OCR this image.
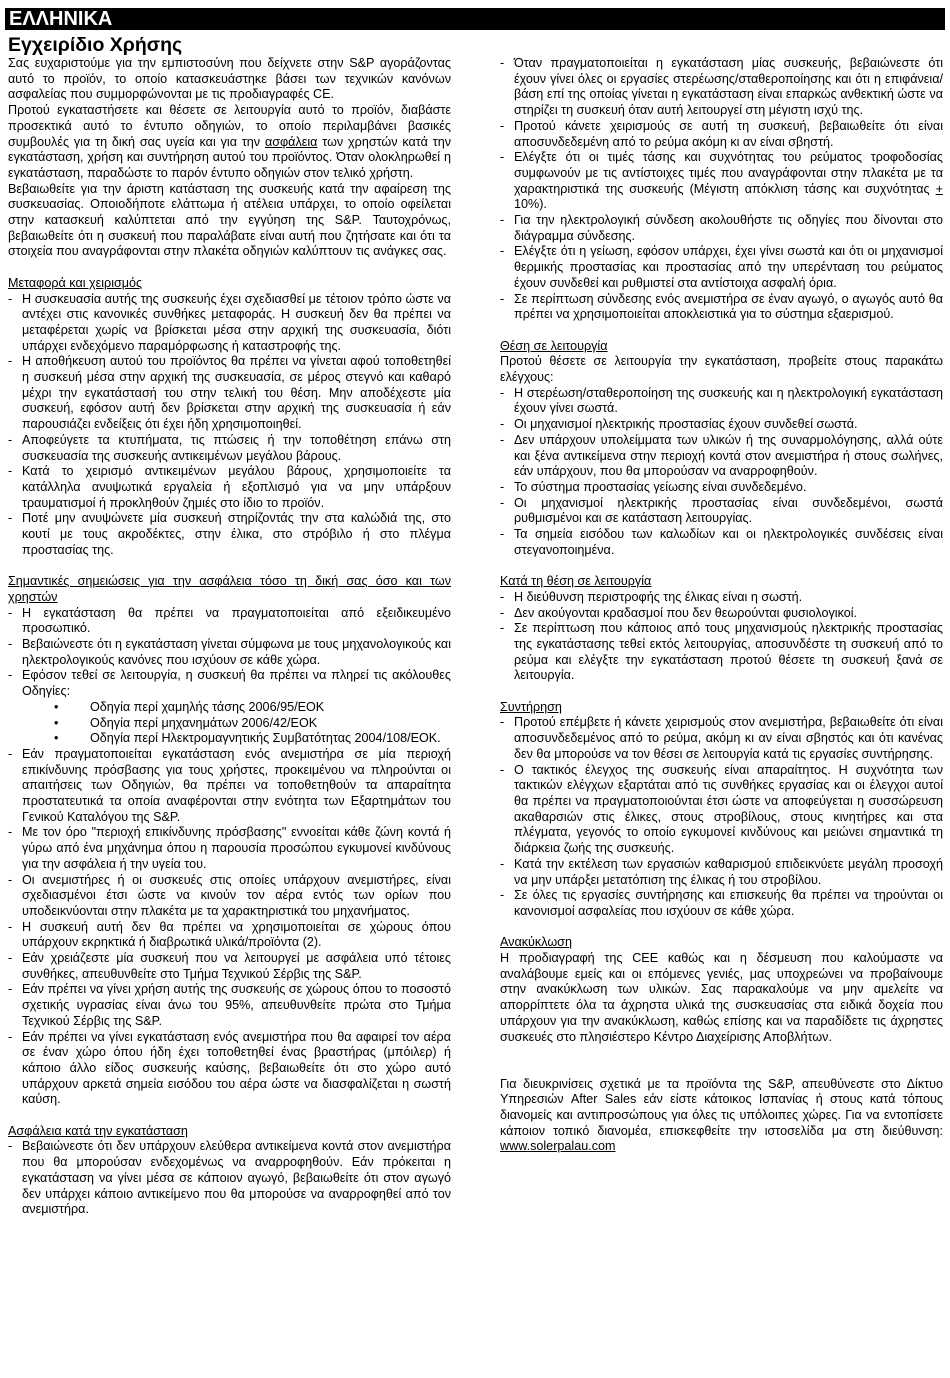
ΕΛΛΗΝΙΚΑ
Εγχειρίδιο Χρήσης

Σας ευχαριστούμε για την εμπιστοσύνη που δείχνετε στην S&P αγοράζοντας αυτό το προϊόν, το οποίο κατασκευάστηκε βάσει των τεχνικών κανόνων ασφαλείας που συμμορφώνονται με τις προδιαγραφές CE.

Προτού εγκαταστήσετε και θέσετε σε λειτουργία αυτό το προϊόν, διαβάστε προσεκτικά αυτό το έντυπο οδηγιών, το οποίο περιλαμβάνει βασικές συμβουλές για τη δική σας υγεία και για την ασφάλεια των χρηστών κατά την εγκατάσταση, χρήση και συντήρηση αυτού του προϊόντος. Όταν ολοκληρωθεί η εγκατάσταση, παραδώστε το παρόν έντυπο οδηγιών στον τελικό χρήστη.

Βεβαιωθείτε για την άριστη κατάσταση της συσκευής κατά την αφαίρεση της συσκευασίας. Οποιοδήποτε ελάττωμα ή ατέλεια υπάρχει, το οποίο οφείλεται στην κατασκευή καλύπτεται από την εγγύηση της S&P. Ταυτοχρόνως, βεβαιωθείτε ότι η συσκευή που παραλάβατε είναι αυτή που ζητήσατε και ότι τα στοιχεία που αναγράφονται στην πλακέτα οδηγιών καλύπτουν τις ανάγκες σας.

Μεταφορά και χειρισμός

- Η συσκευασία αυτής της συσκευής έχει σχεδιασθεί με τέτοιον τρόπο ώστε να αντέχει στις κανονικές συνθήκες μεταφοράς. Η συσκευή δεν θα πρέπει να μεταφέρεται χωρίς να βρίσκεται μέσα στην αρχική της συσκευασία, διότι υπάρχει ενδεχόμενο παραμόρφωσης ή καταστροφής της.
- Η αποθήκευση αυτού του προϊόντος θα πρέπει να γίνεται αφού τοποθετηθεί η συσκευή μέσα στην αρχική της συσκευασία, σε μέρος στεγνό και καθαρό μέχρι την εγκατάστασή του στην τελική του θέση. Μην αποδέχεστε μία συσκευή, εφόσον αυτή δεν βρίσκεται στην αρχική της συσκευασία ή εάν παρουσιάζει ενδείξεις ότι έχει ήδη χρησιμοποιηθεί.
- Αποφεύγετε τα κτυπήματα, τις πτώσεις ή την τοποθέτηση επάνω στη συσκευασία της συσκευής αντικειμένων μεγάλου βάρους.
- Κατά το χειρισμό αντικειμένων μεγάλου βάρους, χρησιμοποιείτε τα κατάλληλα ανυψωτικά εργαλεία ή εξοπλισμό για να μην υπάρξουν τραυματισμοί ή προκληθούν ζημιές στο ίδιο το προϊόν.
- Ποτέ μην ανυψώνετε μία συσκευή στηρίζοντάς την στα καλώδιά της, στο κουτί με τους ακροδέκτες, στην έλικα, στο στρόβιλο ή στο πλέγμα προστασίας της.

Σημαντικές σημειώσεις για την ασφάλεια τόσο τη δική σας όσο και των χρηστών

- Η εγκατάσταση θα πρέπει να πραγματοποιείται από εξειδικευμένο προσωπικό.
- Βεβαιώνεστε ότι η εγκατάσταση γίνεται σύμφωνα με τους μηχανολογικούς και ηλεκτρολογικούς κανόνες που ισχύουν σε κάθε χώρα.
- Εφόσον τεθεί σε λειτουργία, η συσκευή θα πρέπει να πληρεί τις ακόλουθες Οδηγίες:
•	Οδηγία περί χαμηλής τάσης 2006/95/ΕΟΚ
•	Οδηγία περί μηχανημάτων 2006/42/ΕΟΚ
•	Οδηγία περί Ηλεκτρομαγνητικής Συμβατότητας 2004/108/ΕΟΚ.
- Εάν πραγματοποιείται εγκατάσταση ενός ανεμιστήρα σε μία περιοχή επικίνδυνης πρόσβασης για τους χρήστες, προκειμένου να πληρούνται οι απαιτήσεις των Οδηγιών, θα πρέπει να τοποθετηθούν τα απαραίτητα προστατευτικά τα οποία αναφέρονται στην ενότητα των Εξαρτημάτων του Γενικού Καταλόγου της S&P.
- Με τον όρο "περιοχή επικίνδυνης πρόσβασης" εννοείται κάθε ζώνη κοντά ή γύρω από ένα μηχάνημα όπου η παρουσία προσώπου εγκυμονεί κινδύνους για την ασφάλεια ή την υγεία του.
- Οι ανεμιστήρες ή οι συσκευές στις οποίες υπάρχουν ανεμιστήρες, είναι σχεδιασμένοι έτσι ώστε να κινούν τον αέρα εντός των ορίων που υποδεικνύονται στην πλακέτα με τα χαρακτηριστικά του μηχανήματος.
- Η συσκευή αυτή δεν θα πρέπει να χρησιμοποιείται σε χώρους όπου υπάρχουν εκρηκτικά ή διαβρωτικά υλικά/προϊόντα (2).
- Εάν χρειάζεστε μία συσκευή που να λειτουργεί με ασφάλεια υπό τέτοιες συνθήκες, απευθυνθείτε στο Τμήμα Τεχνικού Σέρβις της S&P.
- Εάν πρέπει να γίνει χρήση αυτής της συσκευής σε χώρους όπου το ποσοστό σχετικής υγρασίας είναι άνω του 95%, απευθυνθείτε πρώτα στο Τμήμα Τεχνικού Σέρβις της S&P.
- Εάν πρέπει να γίνει εγκατάσταση ενός ανεμιστήρα που θα αφαιρεί τον αέρα σε έναν χώρο όπου ήδη έχει τοποθετηθεί ένας βραστήρας (μπόιλερ) ή κάποιο άλλο είδος συσκευής καύσης, βεβαιωθείτε ότι στο χώρο αυτό υπάρχουν αρκετά σημεία εισόδου του αέρα ώστε να διασφαλίζεται η σωστή καύση.

Ασφάλεια κατά την εγκατάσταση

- Βεβαιώνεστε ότι δεν υπάρχουν ελεύθερα αντικείμενα κοντά στον ανεμιστήρα που θα μπορούσαν ενδεχομένως να αναρροφηθούν. Εάν πρόκειται η εγκατάσταση να γίνει μέσα σε κάποιον αγωγό, βεβαιωθείτε ότι στον αγωγό δεν υπάρχει κάποιο αντικείμενο που θα μπορούσε να αναρροφηθεί από τον ανεμιστήρα.
- Όταν πραγματοποιείται η εγκατάσταση μίας συσκευής, βεβαιώνεστε ότι έχουν γίνει όλες οι εργασίες στερέωσης/σταθεροποίησης και ότι η επιφάνεια/βάση επί της οποίας γίνεται η εγκατάσταση είναι επαρκώς ανθεκτική ώστε να στηρίζει τη συσκευή όταν αυτή λειτουργεί στη μέγιστη ισχύ της.
- Προτού κάνετε χειρισμούς σε αυτή τη συσκευή, βεβαιωθείτε ότι είναι αποσυνδεδεμένη από το ρεύμα ακόμη κι αν είναι σβηστή.
- Ελέγξτε ότι οι τιμές τάσης και συχνότητας του ρεύματος τροφοδοσίας συμφωνούν με τις αντίστοιχες τιμές που αναγράφονται στην πλακέτα με τα χαρακτηριστικά της συσκευής (Μέγιστη απόκλιση τάσης και συχνότητας + 10%).
- Για την ηλεκτρολογική σύνδεση ακολουθήστε τις οδηγίες που δίνονται στο διάγραμμα σύνδεσης.
- Ελέγξτε ότι η γείωση, εφόσον υπάρχει, έχει γίνει σωστά και ότι οι μηχανισμοί θερμικής προστασίας και προστασίας από την υπερένταση του ρεύματος έχουν συνδεθεί και ρυθμιστεί στα αντίστοιχα ασφαλή όρια.
- Σε περίπτωση σύνδεσης ενός ανεμιστήρα σε έναν αγωγό, ο αγωγός αυτό θα πρέπει να χρησιμοποιείται αποκλειστικά για το σύστημα εξαερισμού.

Θέση σε λειτουργία

Προτού θέσετε σε λειτουργία την εγκατάσταση, προβείτε στους παρακάτω ελέγχους:

- Η στερέωση/σταθεροποίηση της συσκευής και η ηλεκτρολογική εγκατάσταση έχουν γίνει σωστά.
- Οι μηχανισμοί ηλεκτρικής προστασίας έχουν συνδεθεί σωστά.
- Δεν υπάρχουν υπολείμματα των υλικών ή της συναρμολόγησης, αλλά ούτε και ξένα αντικείμενα στην περιοχή κοντά στον ανεμιστήρα ή στους σωλήνες, εάν υπάρχουν, που θα μπορούσαν να αναρροφηθούν.
- Το σύστημα προστασίας γείωσης είναι συνδεδεμένο.
- Οι μηχανισμοί ηλεκτρικής προστασίας είναι συνδεδεμένοι, σωστά ρυθμισμένοι και σε κατάσταση λειτουργίας.
- Τα σημεία εισόδου των καλωδίων και οι ηλεκτρολογικές συνδέσεις είναι στεγανοποιημένα.

Κατά τη θέση σε λειτουργία

- Η διεύθυνση περιστροφής της έλικας είναι η σωστή.
- Δεν ακούγονται κραδασμοί που δεν θεωρούνται φυσιολογικοί.
- Σε περίπτωση που κάποιος από τους μηχανισμούς ηλεκτρικής προστασίας της εγκατάστασης τεθεί εκτός λειτουργίας, αποσυνδέστε τη συσκευή από το ρεύμα και ελέγξτε την εγκατάσταση προτού θέσετε τη συσκευή ξανά σε λειτουργία.

Συντήρηση

- Προτού επέμβετε ή κάνετε χειρισμούς στον ανεμιστήρα, βεβαιωθείτε ότι είναι αποσυνδεδεμένος από το ρεύμα, ακόμη κι αν είναι σβηστός και ότι κανένας δεν θα μπορούσε να τον θέσει σε λειτουργία κατά τις εργασίες συντήρησης.
- Ο τακτικός έλεγχος της συσκευής είναι απαραίτητος. Η συχνότητα των τακτικών ελέγχων εξαρτάται από τις συνθήκες εργασίας και οι έλεγχοι αυτοί θα πρέπει να πραγματοποιούνται έτσι ώστε να αποφεύγεται η συσσώρευση ακαθαρσιών στις έλικες, στους στροβίλους, στους κινητήρες και στα πλέγματα, γεγονός το οποίο εγκυμονεί κινδύνους και μειώνει σημαντικά τη διάρκεια ζωής της συσκευής.
- Κατά την εκτέλεση των εργασιών καθαρισμού επιδεικνύετε μεγάλη προσοχή να μην υπάρξει μετατόπιση της έλικας ή του στροβίλου.
- Σε όλες τις εργασίες συντήρησης και επισκευής θα πρέπει να τηρούνται οι κανονισμοί ασφαλείας που ισχύουν σε κάθε χώρα.

Ανακύκλωση

Η προδιαγραφή της CEE καθώς και η δέσμευση που καλούμαστε να αναλάβουμε εμείς και οι επόμενες γενιές, μας υποχρεώνει να προβαίνουμε στην ανακύκλωση των υλικών. Σας παρακαλούμε να μην αμελείτε να απορρίπτετε όλα τα άχρηστα υλικά της συσκευασίας στα ειδικά δοχεία που υπάρχουν για την ανακύκλωση, καθώς επίσης και να παραδίδετε τις άχρηστες συσκευές στο πλησιέστερο Κέντρο Διαχείρισης Αποβλήτων.

Για διευκρινίσεις σχετικά με τα προϊόντα της S&P, απευθύνεστε στο Δίκτυο Υπηρεσιών After Sales εάν είστε κάτοικος Ισπανίας ή στους κατά τόπους διανομείς και αντιπροσώπους για όλες τις υπόλοιπες χώρες. Για να εντοπίσετε κάποιον τοπικό διανομέα, επισκεφθείτε την ιστοσελίδα μα στη διεύθυνση: www.solerpalau.com
